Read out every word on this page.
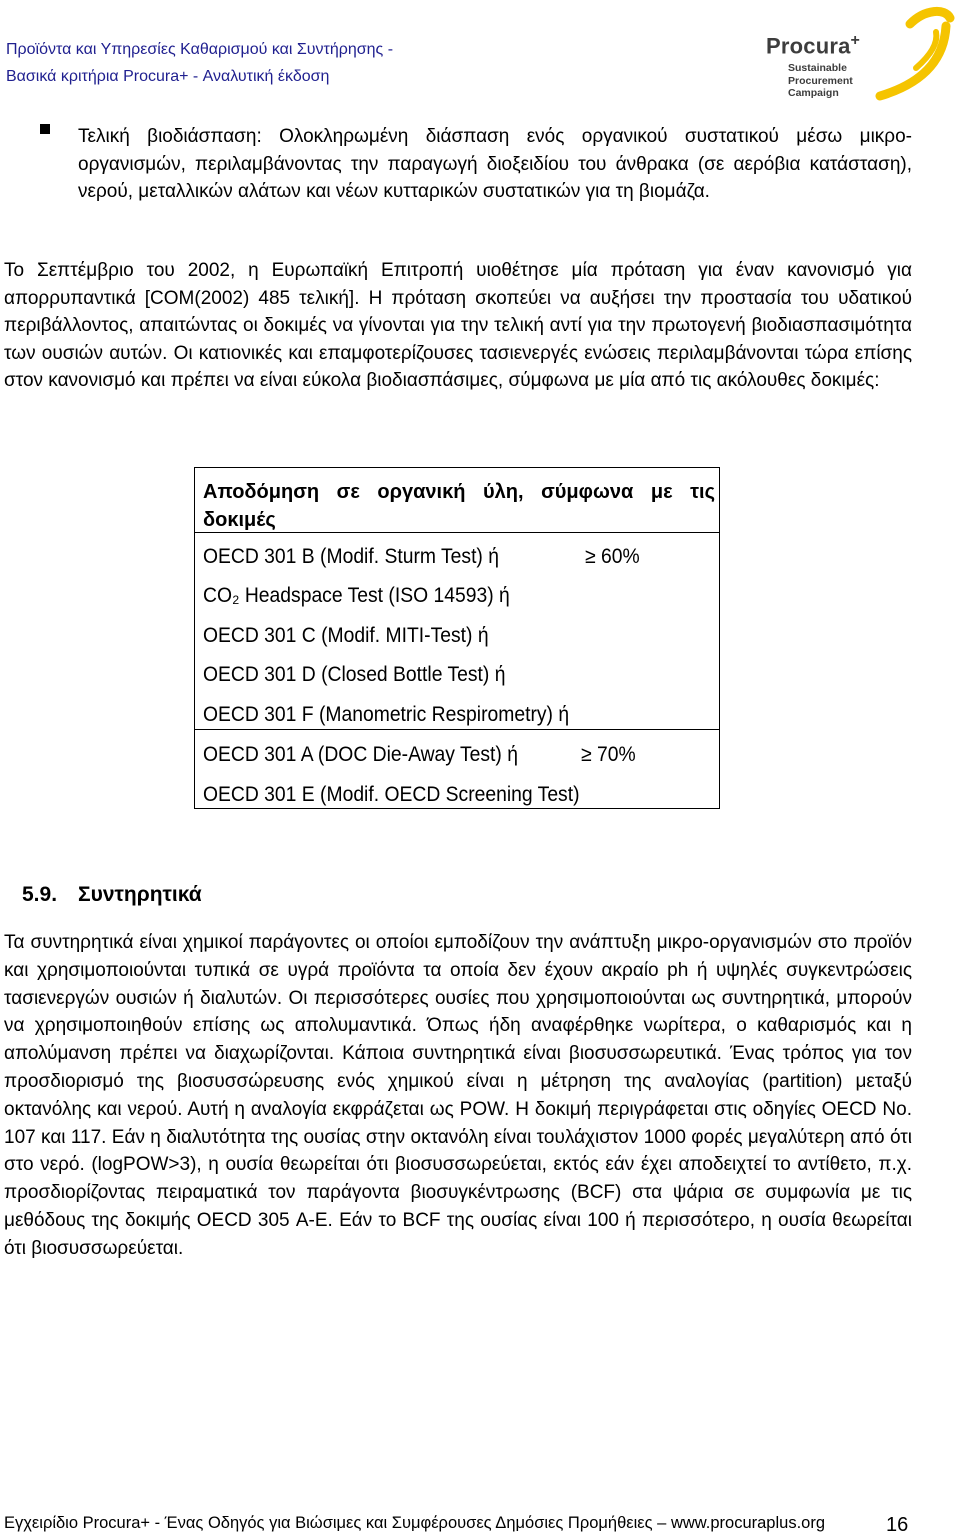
Προϊόντα και Υπηρεσίες Καθαρισμού και Συντήρησης -
Βασικά κριτήρια Procura+ - Αναλυτική έκδοση
Procura+
Sustainable
Procurement
Campaign

Τελική βιοδιάσπαση: Ολοκληρωμένη διάσπαση ενός οργανικού συστατικού μέσω μικρο-οργανισμών, περιλαμβάνοντας την παραγωγή διοξειδίου του άνθρακα (σε αερόβια κατάσταση), νερού, μεταλλικών αλάτων και νέων κυτταρικών συστατικών για τη βιομάζα.

Το Σεπτέμβριο του 2002, η Ευρωπαϊκή Επιτροπή υιοθέτησε μία πρόταση για έναν κανονισμό για απορρυπαντικά [COM(2002) 485 τελική]. Η πρόταση σκοπεύει να αυξήσει την προστασία του υδατικού περιβάλλοντος, απαιτώντας οι δοκιμές να γίνονται για την τελική αντί για την πρωτογενή βιοδιασπασιμότητα των ουσιών αυτών. Οι κατιονικές και επαμφοτερίζουσες τασιενεργές ενώσεις περιλαμβάνονται τώρα επίσης στον κανονισμό και πρέπει να είναι εύκολα βιοδιασπάσιμες, σύμφωνα με μία από τις ακόλουθες δοκιμές:

Αποδόμηση σε οργανική ύλη, σύμφωνα με τις δοκιμές
OECD 301 B (Modif. Sturm Test) ή	≥ 60%
CO₂ Headspace Test (ISO 14593) ή
OECD 301 C (Modif. MITI-Test) ή
OECD 301 D (Closed Bottle Test) ή
OECD 301 F (Manometric Respirometry) ή
OECD 301 A (DOC Die-Away Test) ή	≥ 70%
OECD 301 E (Modif. OECD Screening Test)
5.9. Συντηρητικά

Τα συντηρητικά είναι χημικοί παράγοντες οι οποίοι εμποδίζουν την ανάπτυξη μικρο-οργανισμών στο προϊόν και χρησιμοποιούνται τυπικά σε υγρά προϊόντα τα οποία δεν έχουν ακραίο ph ή υψηλές συγκεντρώσεις τασιενεργών ουσιών ή διαλυτών. Οι περισσότερες ουσίες που χρησιμοποιούνται ως συντηρητικά, μπορούν να χρησιμοποιηθούν επίσης ως απολυμαντικά. Όπως ήδη αναφέρθηκε νωρίτερα, ο καθαρισμός και η απολύμανση πρέπει να διαχωρίζονται. Κάποια συντηρητικά είναι βιοσυσσωρευτικά. Ένας τρόπος για τον προσδιορισμό της βιοσυσσώρευσης ενός χημικού είναι η μέτρηση της αναλογίας (partition) μεταξύ οκτανόλης και νερού. Αυτή η αναλογία εκφράζεται ως POW. Η δοκιμή περιγράφεται στις οδηγίες OECD No. 107 και 117. Εάν η διαλυτότητα της ουσίας στην οκτανόλη είναι τουλάχιστον 1000 φορές μεγαλύτερη από ότι στο νερό. (logPOW>3), η ουσία θεωρείται ότι βιοσυσσωρεύεται, εκτός εάν έχει αποδειχτεί το αντίθετο, π.χ. προσδιορίζοντας πειραματικά τον παράγοντα βιοσυγκέντρωσης (BCF) στα ψάρια σε συμφωνία με τις μεθόδους της δοκιμής OECD 305 Α-Ε. Εάν το BCF της ουσίας είναι 100 ή περισσότερο, η ουσία θεωρείται ότι βιοσυσσωρεύεται.

Εγχειρίδιο Procura+ - Ένας Οδηγός για Βιώσιμες και Συμφέρουσες Δημόσιες Προμήθειες – www.procuraplus.org	16
